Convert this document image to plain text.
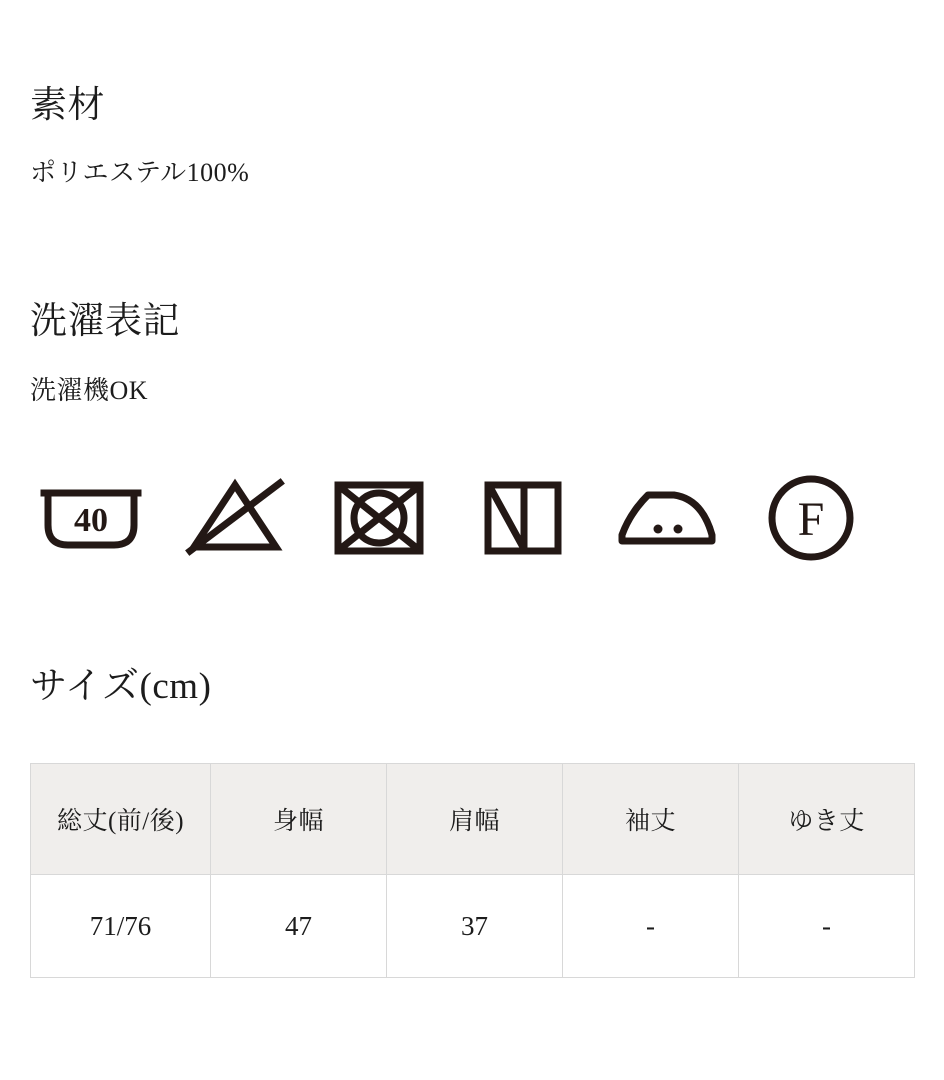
素材

ポリエステル100%

洗濯表記

洗濯機OK

40	F
サイズ(cm)
総丈(前/後)	身幅	肩幅	袖丈	ゆき丈
71/76	47	37	-	-
